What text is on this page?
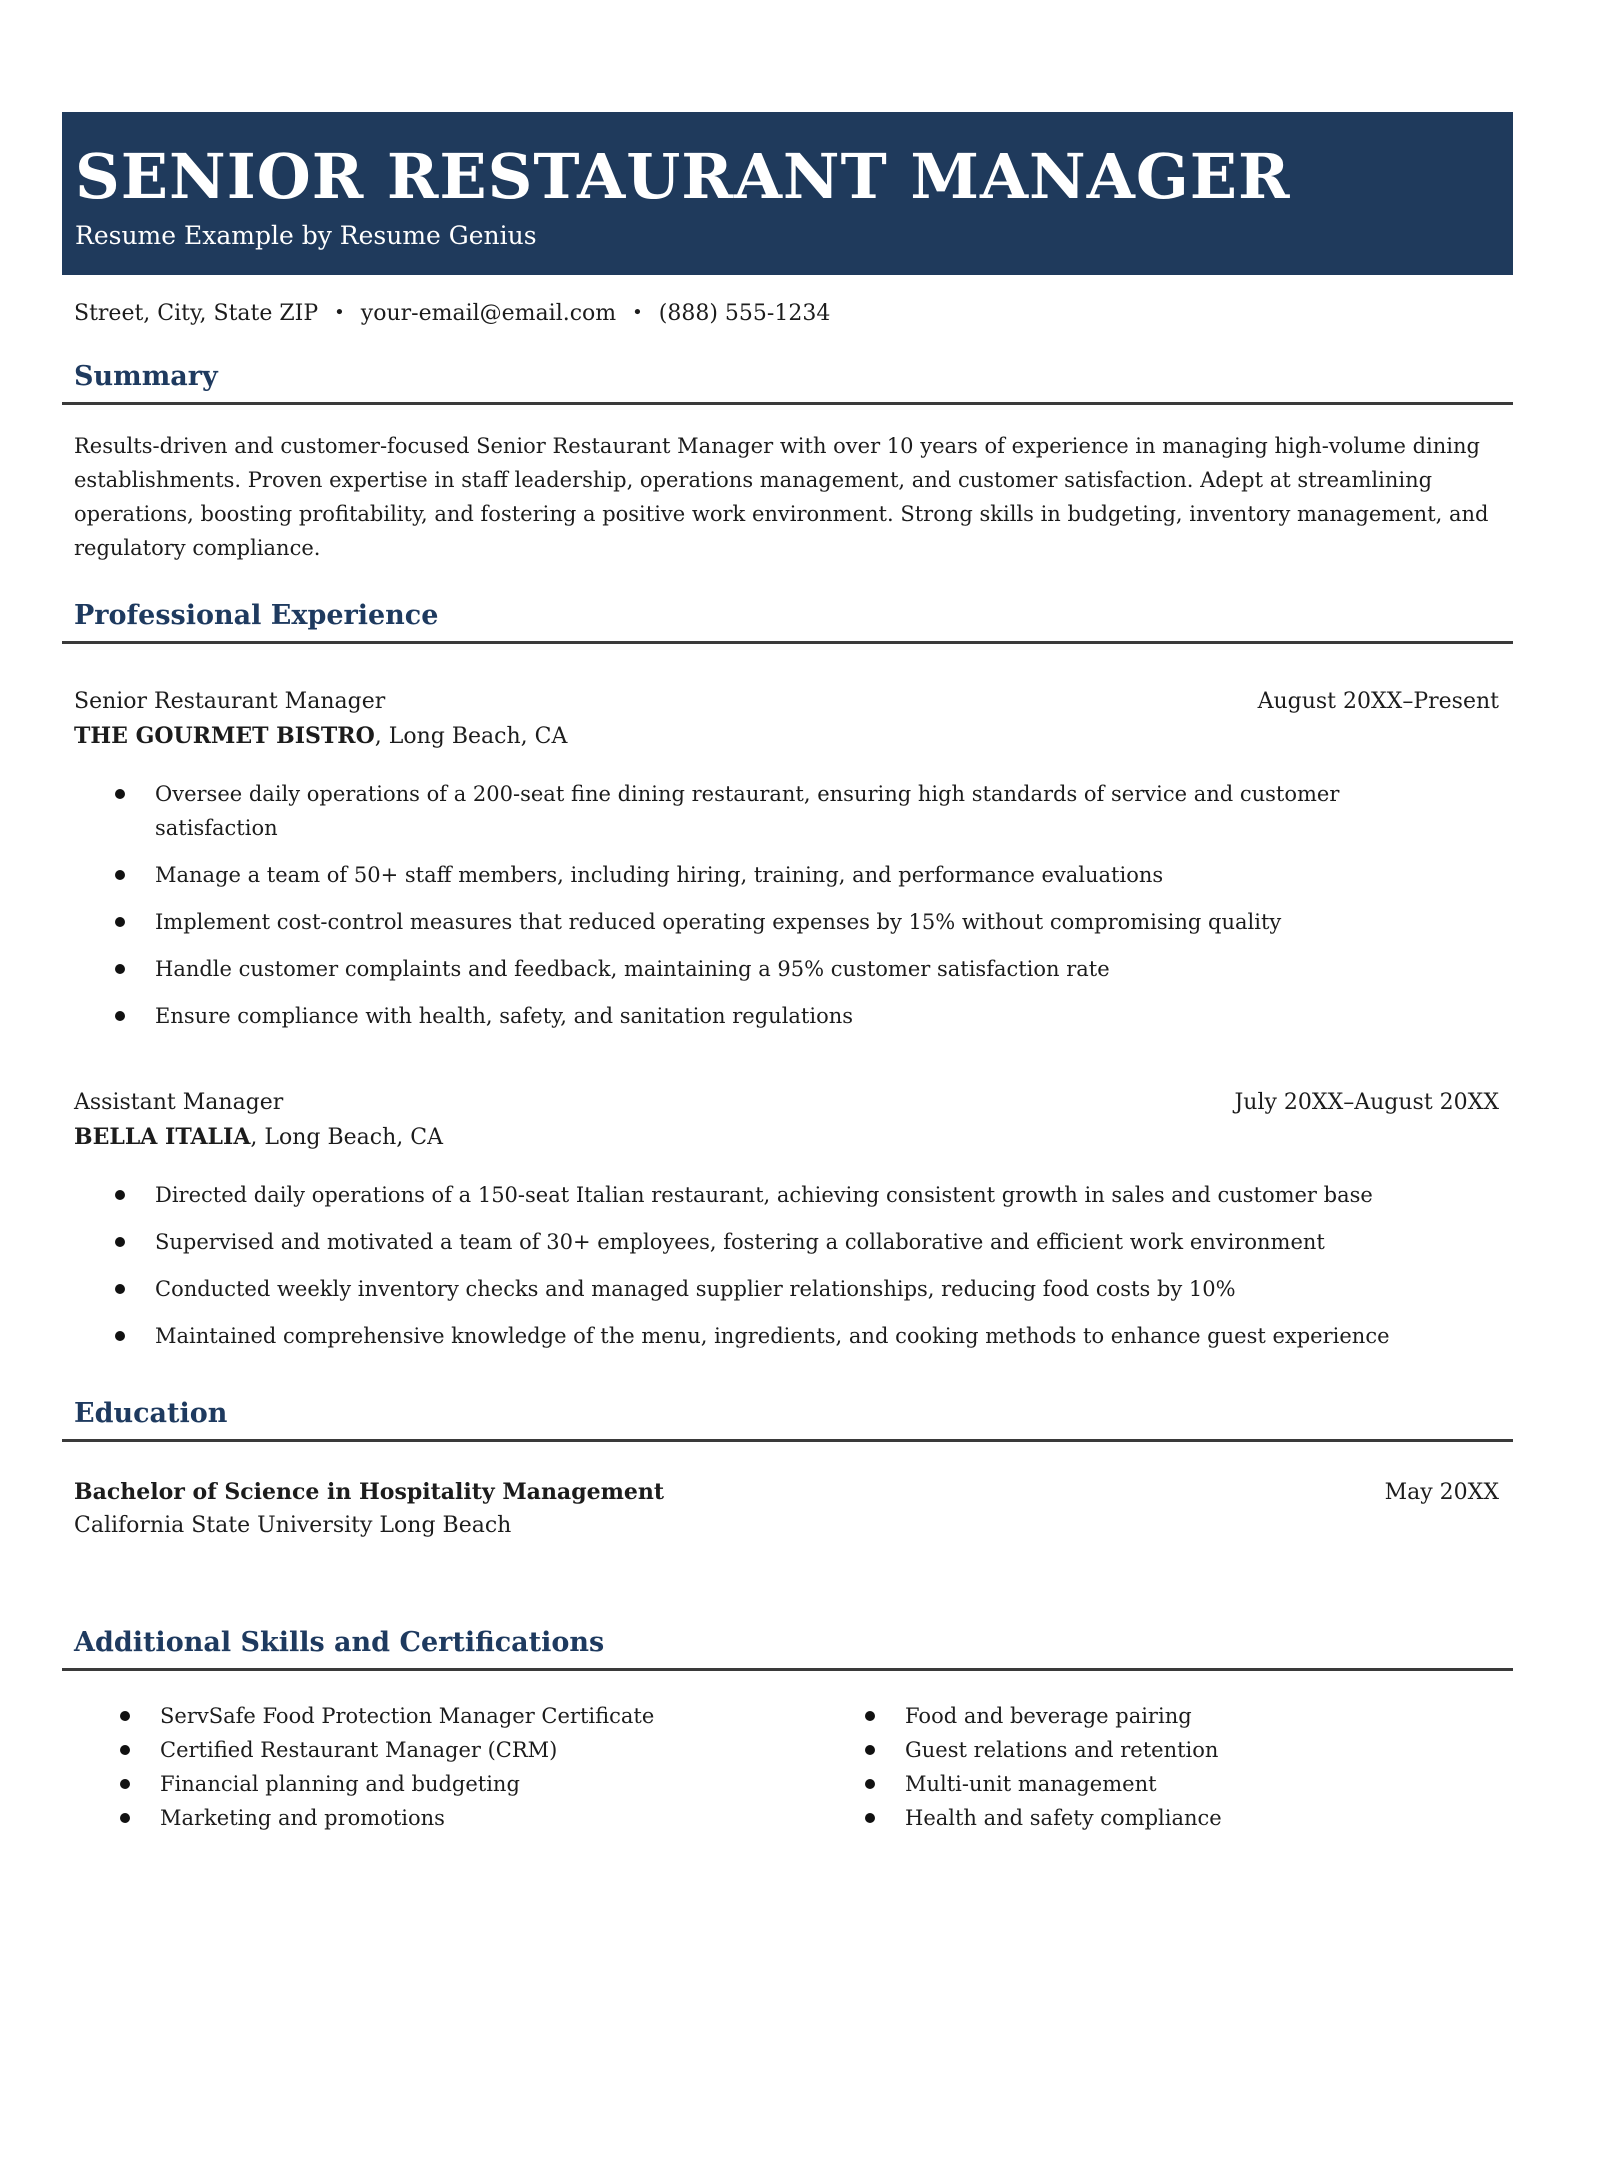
SENIOR RESTAURANT MANAGER
Resume Example by Resume Genius
Street, City, State ZIP • your-email@email.com • (888) 555-1234
Summary

Results-driven and customer-focused Senior Restaurant Manager with over 10 years of experience in managing high-volume dining establishments. Proven expertise in staff leadership, operations management, and customer satisfaction. Adept at streamlining operations, boosting profitability, and fostering a positive work environment. Strong skills in budgeting, inventory management, and regulatory compliance.

Professional Experience
Senior Restaurant Manager	August 20XX–Present
THE GOURMET BISTRO, Long Beach, CA
Oversee daily operations of a 200-seat fine dining restaurant, ensuring high standards of service and customer satisfaction
Manage a team of 50+ staff members, including hiring, training, and performance evaluations
Implement cost-control measures that reduced operating expenses by 15% without compromising quality
Handle customer complaints and feedback, maintaining a 95% customer satisfaction rate
Ensure compliance with health, safety, and sanitation regulations
Assistant Manager	July 20XX–August 20XX
BELLA ITALIA, Long Beach, CA
Directed daily operations of a 150-seat Italian restaurant, achieving consistent growth in sales and customer base
Supervised and motivated a team of 30+ employees, fostering a collaborative and efficient work environment
Conducted weekly inventory checks and managed supplier relationships, reducing food costs by 10%
Maintained comprehensive knowledge of the menu, ingredients, and cooking methods to enhance guest experience
Education
Bachelor of Science in Hospitality Management	May 20XX
California State University Long Beach
Additional Skills and Certifications
ServSafe Food Protection Manager Certificate
Certified Restaurant Manager (CRM)
Financial planning and budgeting
Marketing and promotions
Food and beverage pairing
Guest relations and retention
Multi-unit management
Health and safety compliance
